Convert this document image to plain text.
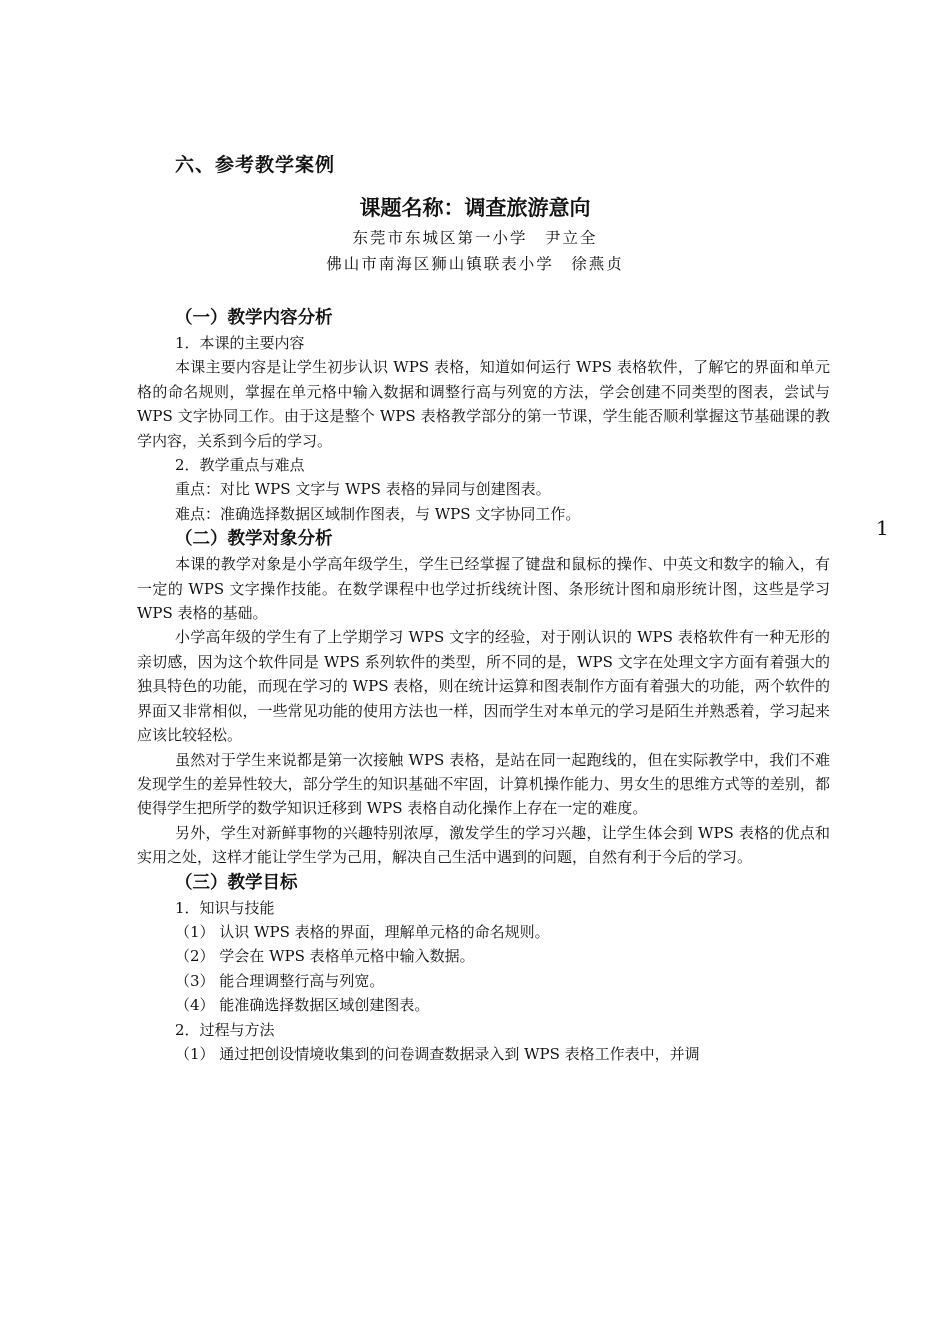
六、参考教学案例
课题名称：调查旅游意向
东莞市东城区第一小学　尹立全
佛山市南海区狮山镇联表小学　徐燕贞
（一）教学内容分析

1．本课的主要内容

本课主要内容是让学生初步认识 WPS 表格，知道如何运行 WPS 表格软件，了解它的界面和单元格的命名规则，掌握在单元格中输入数据和调整行高与列宽的方法，学会创建不同类型的图表，尝试与 WPS 文字协同工作。由于这是整个 WPS 表格教学部分的第一节课，学生能否顺利掌握这节基础课的教学内容，关系到今后的学习。

2．教学重点与难点

重点：对比 WPS 文字与 WPS 表格的异同与创建图表。

难点：准确选择数据区域制作图表，与 WPS 文字协同工作。

（二）教学对象分析

本课的教学对象是小学高年级学生，学生已经掌握了键盘和鼠标的操作、中英文和数字的输入，有一定的 WPS 文字操作技能。在数学课程中也学过折线统计图、条形统计图和扇形统计图，这些是学习 WPS 表格的基础。

小学高年级的学生有了上学期学习 WPS 文字的经验，对于刚认识的 WPS 表格软件有一种无形的亲切感，因为这个软件同是 WPS 系列软件的类型，所不同的是，WPS 文字在处理文字方面有着强大的独具特色的功能，而现在学习的 WPS 表格，则在统计运算和图表制作方面有着强大的功能，两个软件的界面又非常相似，一些常见功能的使用方法也一样，因而学生对本单元的学习是陌生并熟悉着，学习起来应该比较轻松。

虽然对于学生来说都是第一次接触 WPS 表格，是站在同一起跑线的，但在实际教学中，我们不难发现学生的差异性较大，部分学生的知识基础不牢固，计算机操作能力、男女生的思维方式等的差别，都使得学生把所学的数学知识迁移到 WPS 表格自动化操作上存在一定的难度。

另外，学生对新鲜事物的兴趣特别浓厚，激发学生的学习兴趣，让学生体会到 WPS 表格的优点和实用之处，这样才能让学生学为己用，解决自己生活中遇到的问题，自然有利于今后的学习。

（三）教学目标

1．知识与技能

（1） 认识 WPS 表格的界面，理解单元格的命名规则。

（2） 学会在 WPS 表格单元格中输入数据。

（3） 能合理调整行高与列宽。

（4） 能准确选择数据区域创建图表。

2．过程与方法

（1） 通过把创设情境收集到的问卷调查数据录入到 WPS 表格工作表中，并调

1
